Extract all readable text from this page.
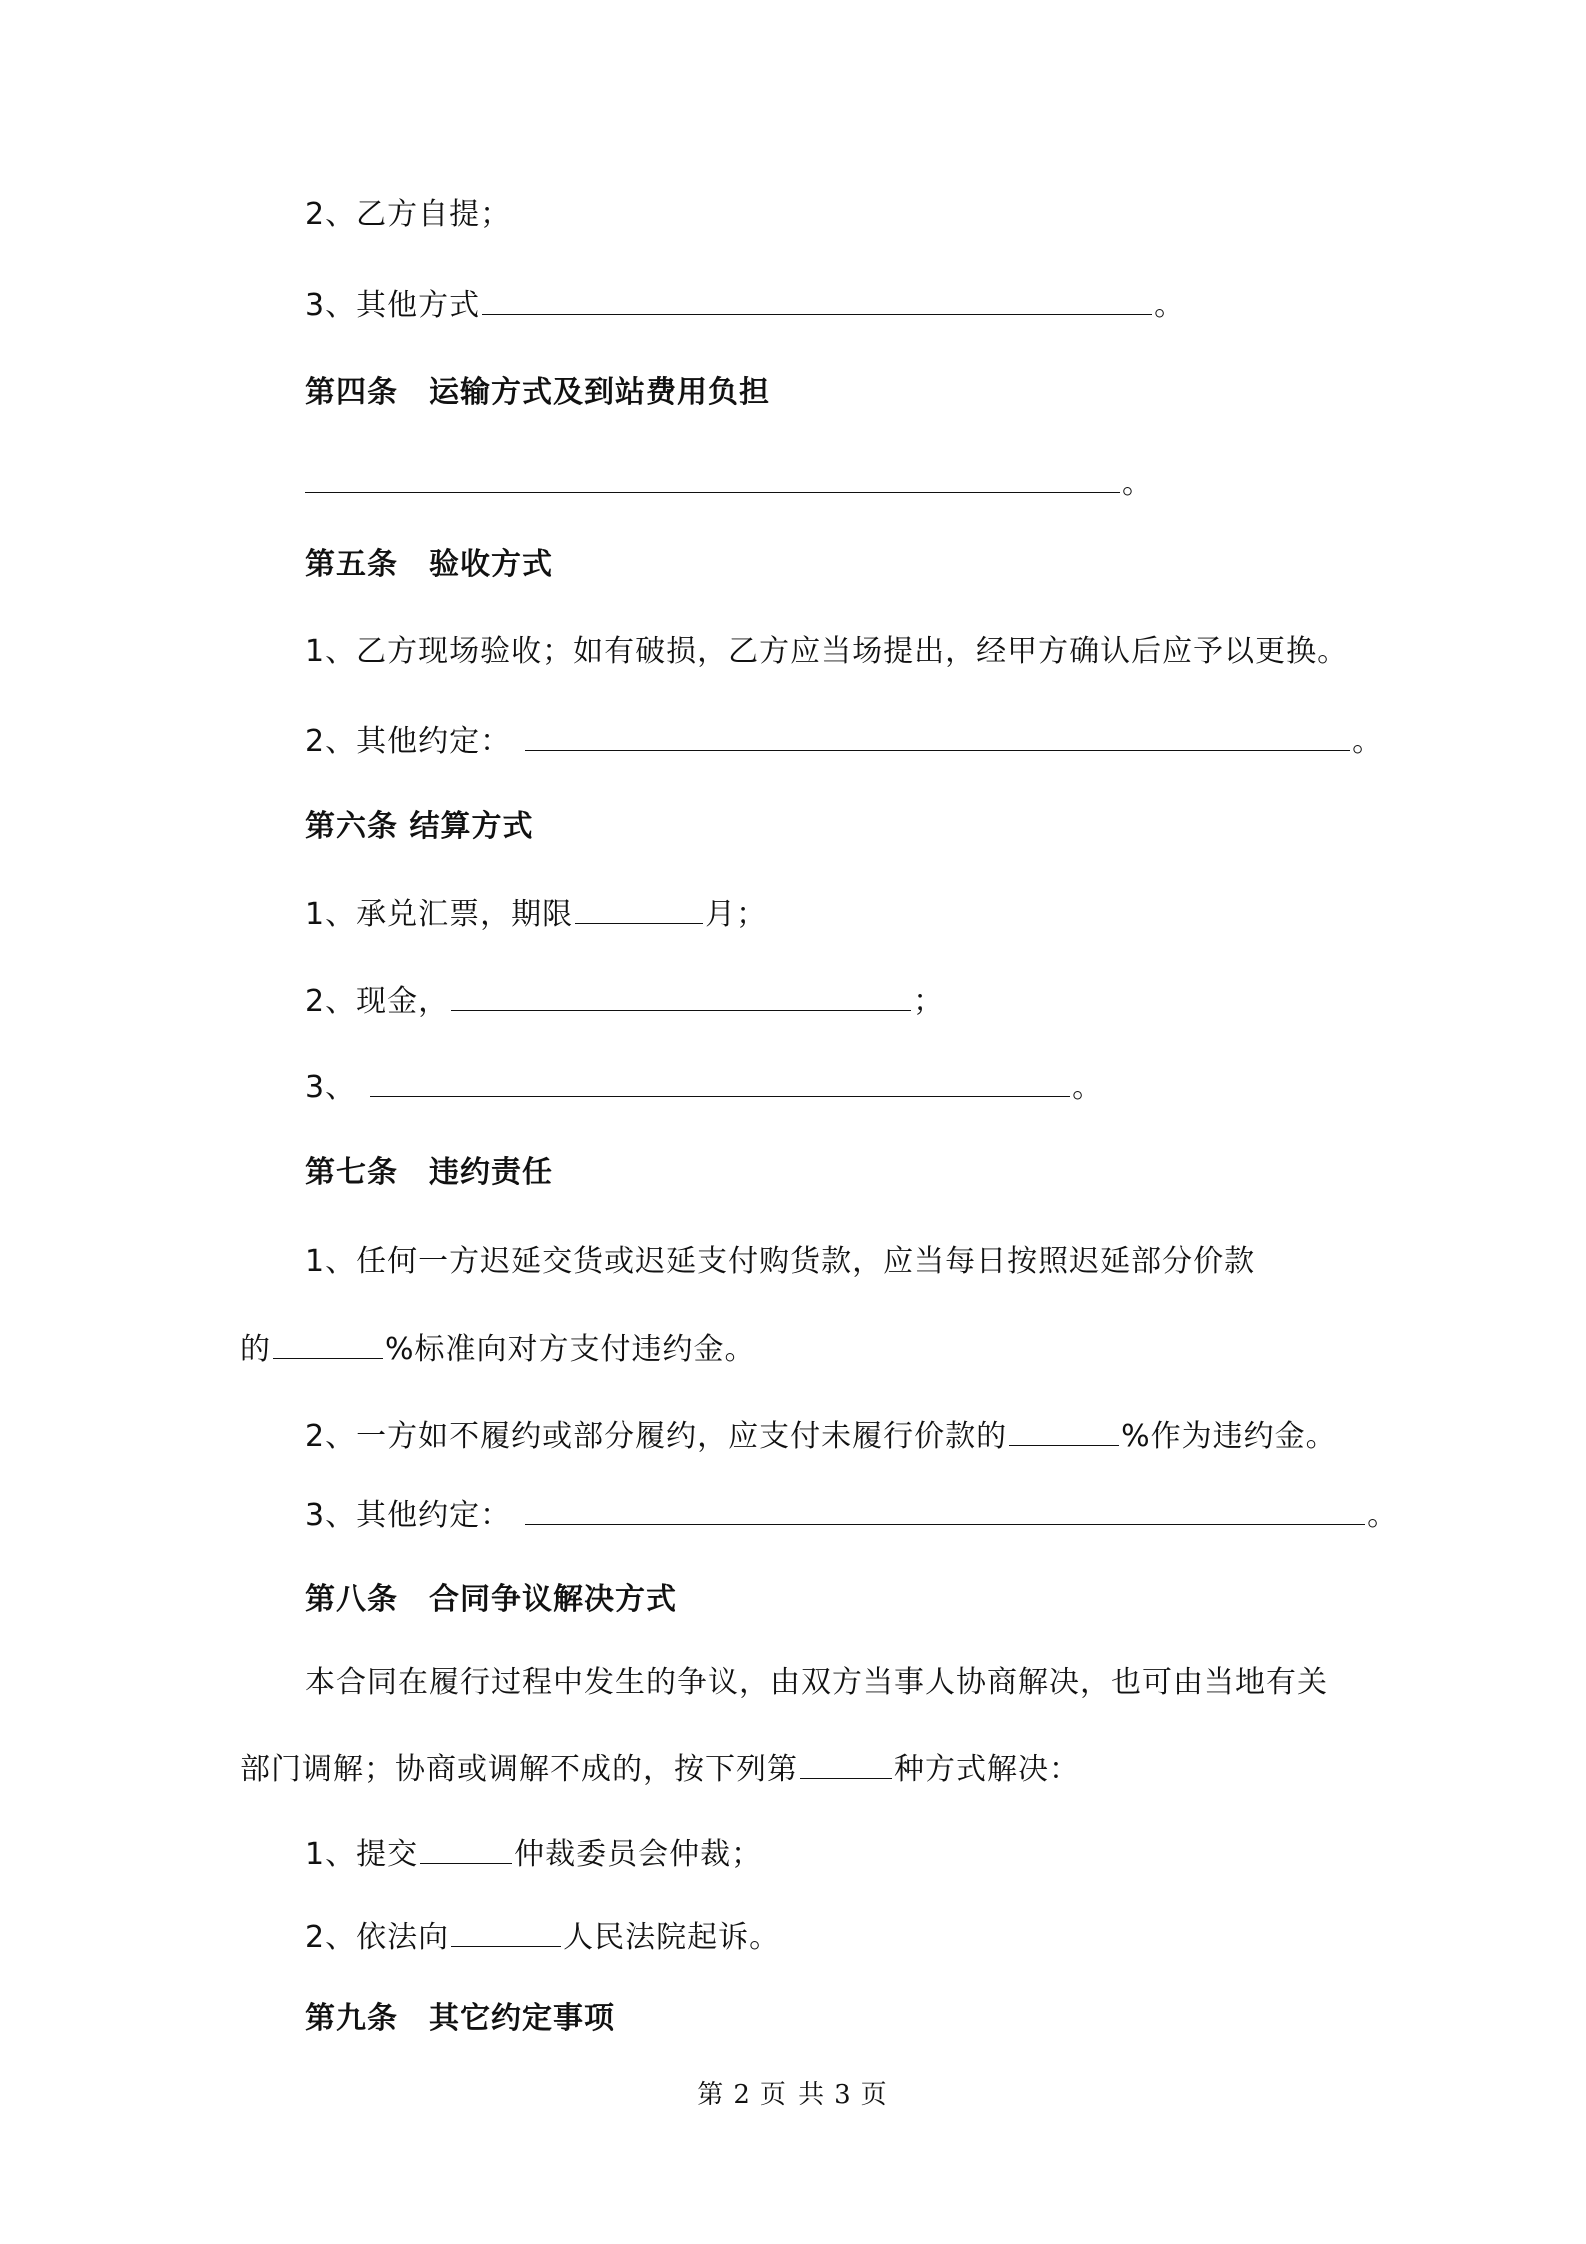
2、乙方自提；
3、其他方式	。
第四条　运输方式及到站费用负担
。
第五条　验收方式
1、乙方现场验收；如有破损，乙方应当场提出，经甲方确认后应予以更换。
2、其他约定：	。
第六条 结算方式
1、承兑汇票，期限	月；
2、现金，	；
3、	。
第七条　违约责任
1、任何一方迟延交货或迟延支付购货款，应当每日按照迟延部分价款
的	%标准向对方支付违约金。
2、一方如不履约或部分履约，应支付未履行价款的	%作为违约金。
3、其他约定：	。
第八条　合同争议解决方式
本合同在履行过程中发生的争议，由双方当事人协商解决，也可由当地有关
部门调解；协商或调解不成的，按下列第	种方式解决：
1、提交	仲裁委员会仲裁；
2、依法向	人民法院起诉。
第九条　其它约定事项
第 2 页 共 3 页
